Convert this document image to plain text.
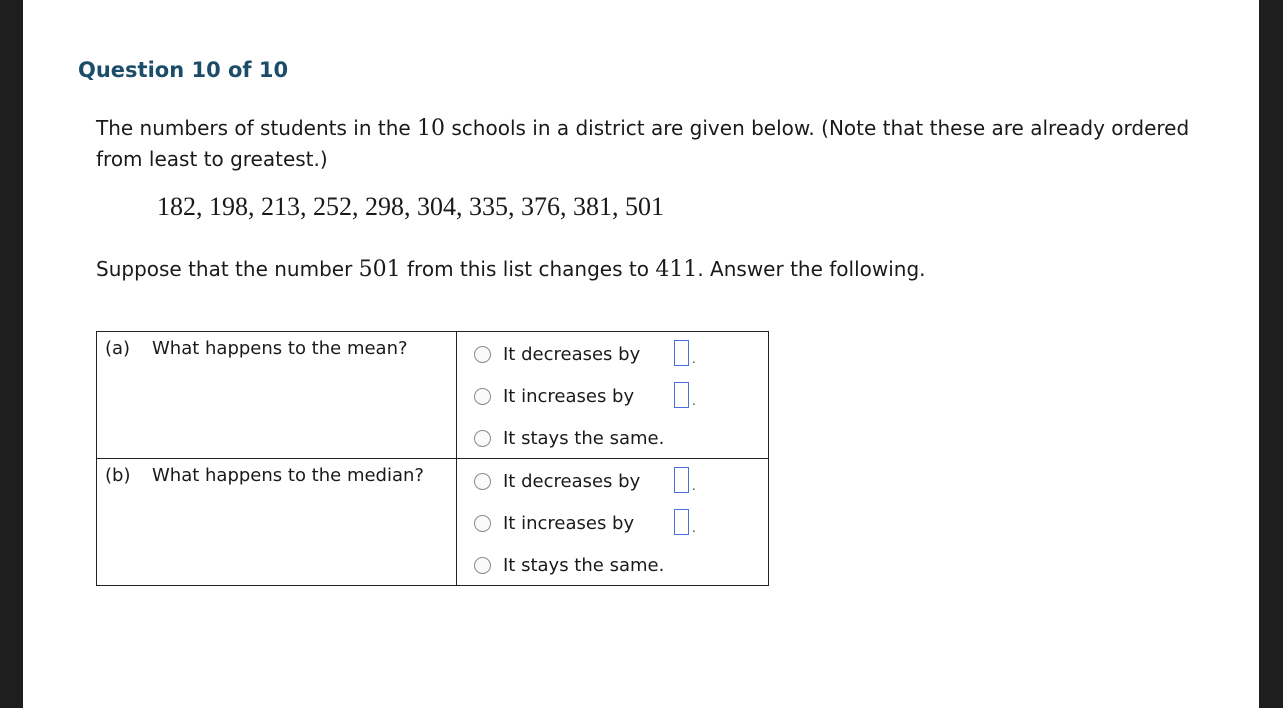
Question 10 of 10
The numbers of students in the 10 schools in a district are given below. (Note that these are already ordered from least to greatest.)
182, 198, 213, 252, 298, 304, 335, 376, 381, 501
Suppose that the number 501 from this list changes to 411. Answer the following.
(a) What happens to the mean?	It decreases by .
It increases by .
It stays the same.

(b) What happens to the median?	It decreases by .
It increases by .
It stays the same.
